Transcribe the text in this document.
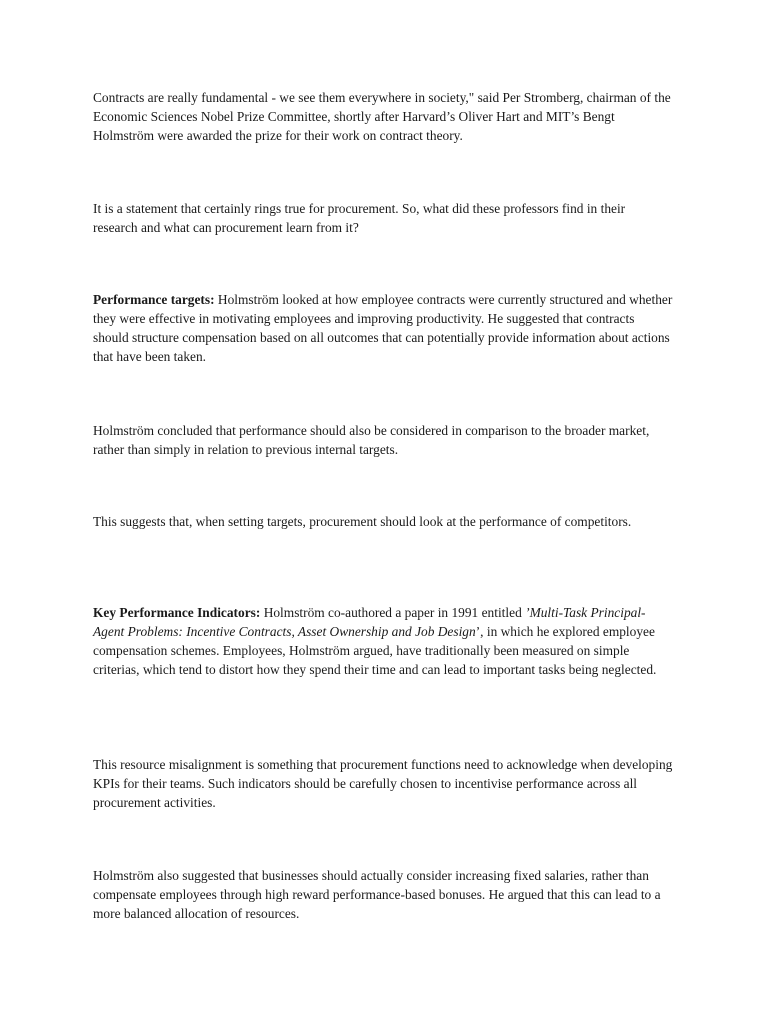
Contracts are really fundamental - we see them everywhere in society," said Per Stromberg, chairman of the Economic Sciences Nobel Prize Committee, shortly after Harvard’s Oliver Hart and MIT’s Bengt Holmström were awarded the prize for their work on contract theory.

It is a statement that certainly rings true for procurement. So, what did these professors find in their research and what can procurement learn from it?

Performance targets: Holmström looked at how employee contracts were currently structured and whether they were effective in motivating employees and improving productivity. He suggested that contracts should structure compensation based on all outcomes that can potentially provide information about actions that have been taken.

Holmström concluded that performance should also be considered in comparison to the broader market, rather than simply in relation to previous internal targets.

This suggests that, when setting targets, procurement should look at the performance of competitors.

Key Performance Indicators: Holmström co-authored a paper in 1991 entitled ’Multi-Task Principal-Agent Problems: Incentive Contracts, Asset Ownership and Job Design’, in which he explored employee compensation schemes. Employees, Holmström argued, have traditionally been measured on simple criterias, which tend to distort how they spend their time and can lead to important tasks being neglected.

This resource misalignment is something that procurement functions need to acknowledge when developing KPIs for their teams. Such indicators should be carefully chosen to incentivise performance across all procurement activities.

Holmström also suggested that businesses should actually consider increasing fixed salaries, rather than compensate employees through high reward performance-based bonuses. He argued that this can lead to a more balanced allocation of resources.
